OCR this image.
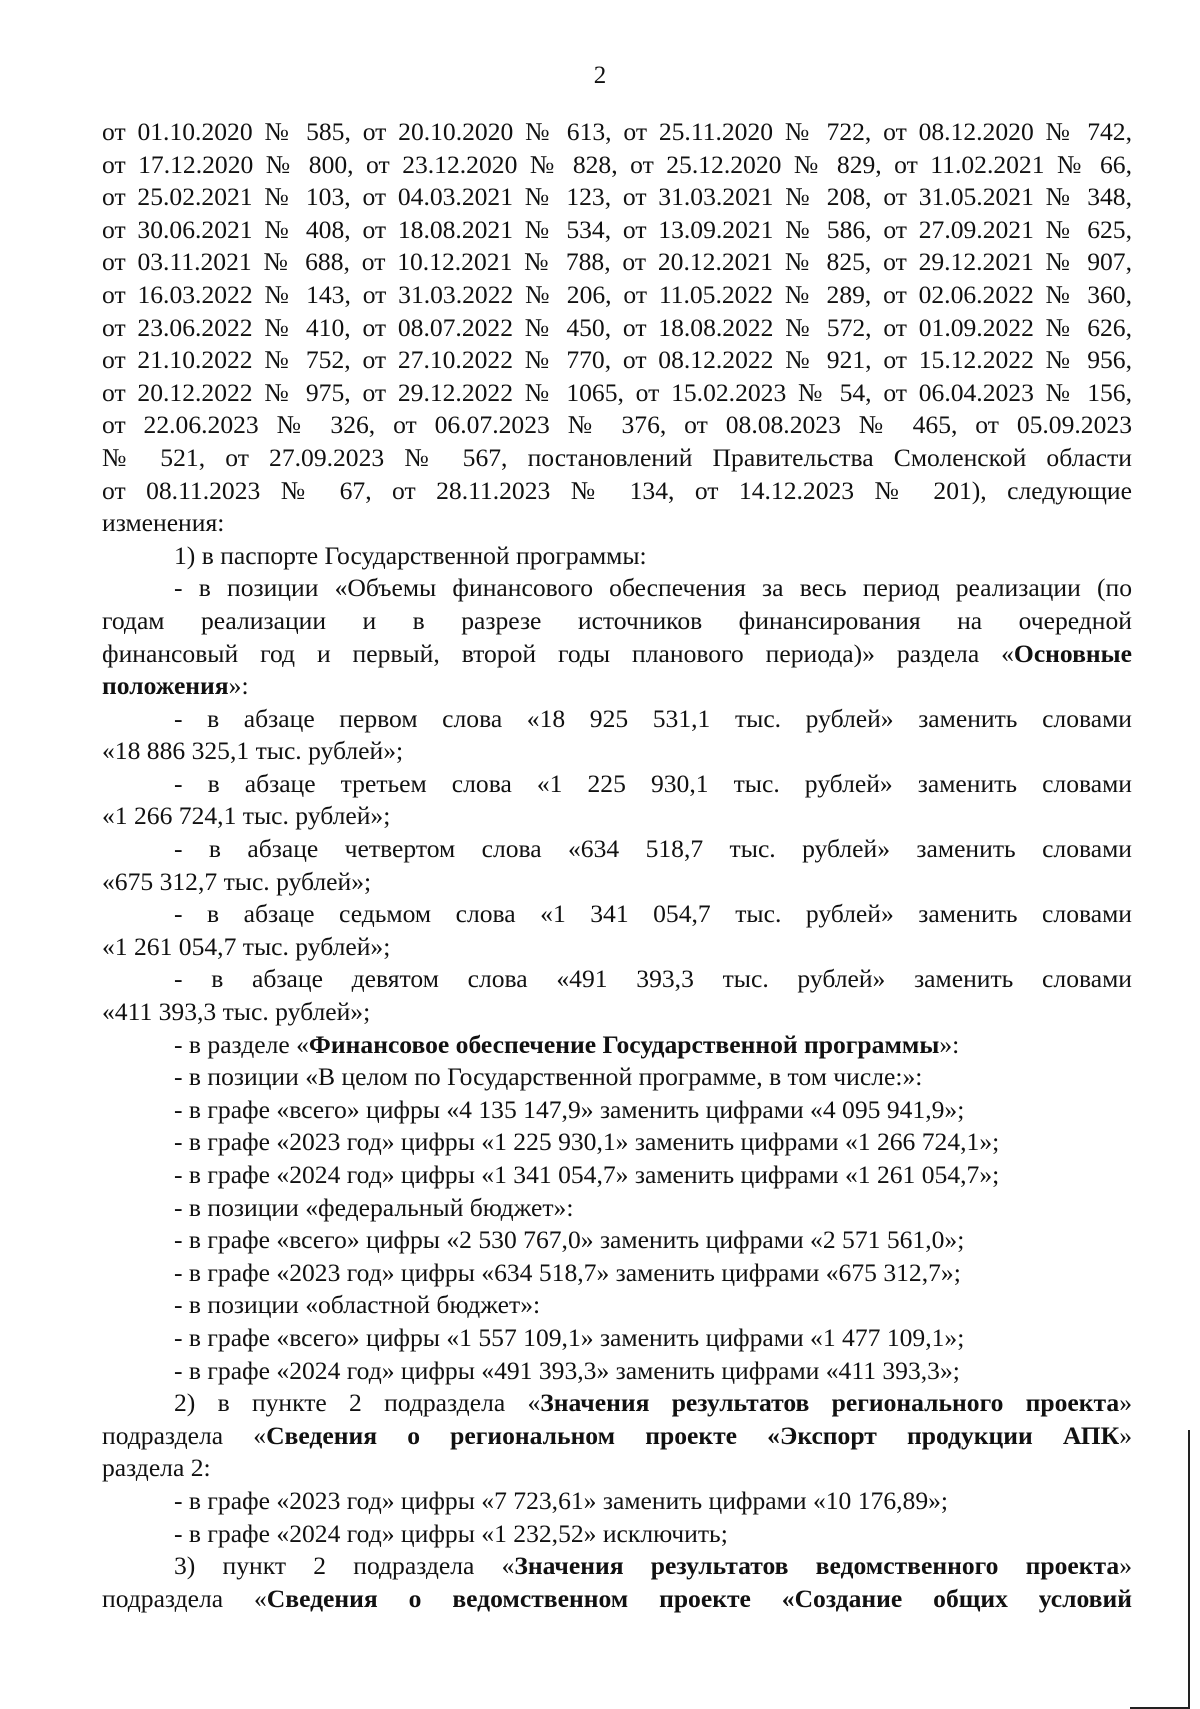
2

от 01.10.2020 № 585, от 20.10.2020 № 613, от 25.11.2020 № 722, от 08.12.2020 № 742,

от 17.12.2020 № 800, от 23.12.2020 № 828, от 25.12.2020 № 829, от 11.02.2021 № 66,

от 25.02.2021 № 103, от 04.03.2021 № 123, от 31.03.2021 № 208, от 31.05.2021 № 348,

от 30.06.2021 № 408, от 18.08.2021 № 534, от 13.09.2021 № 586, от 27.09.2021 № 625,

от 03.11.2021 № 688, от 10.12.2021 № 788, от 20.12.2021 № 825, от 29.12.2021 № 907,

от 16.03.2022 № 143, от 31.03.2022 № 206, от 11.05.2022 № 289, от 02.06.2022 № 360,

от 23.06.2022 № 410, от 08.07.2022 № 450, от 18.08.2022 № 572, от 01.09.2022 № 626,

от 21.10.2022 № 752, от 27.10.2022 № 770, от 08.12.2022 № 921, от 15.12.2022 № 956,

от 20.12.2022 № 975, от 29.12.2022 № 1065, от 15.02.2023 № 54, от 06.04.2023 № 156,

от 22.06.2023 № 326, от 06.07.2023 № 376, от 08.08.2023 № 465, от 05.09.2023

№ 521, от 27.09.2023 № 567, постановлений Правительства Смоленской области

от 08.11.2023 № 67, от 28.11.2023 № 134, от 14.12.2023 № 201), следующие

изменения:

1) в паспорте Государственной программы:

- в позиции «Объемы финансового обеспечения за весь период реализации (по

годам реализации и в разрезе источников финансирования на очередной

финансовый год и первый, второй годы планового периода)» раздела «Основные

положения»:

- в абзаце первом слова «18 925 531,1 тыс. рублей» заменить словами

«18 886 325,1 тыс. рублей»;

- в абзаце третьем слова «1 225 930,1 тыс. рублей» заменить словами

«1 266 724,1 тыс. рублей»;

- в абзаце четвертом слова «634 518,7 тыс. рублей» заменить словами

«675 312,7 тыс. рублей»;

- в абзаце седьмом слова «1 341 054,7 тыс. рублей» заменить словами

«1 261 054,7 тыс. рублей»;

- в абзаце девятом слова «491 393,3 тыс. рублей» заменить словами

«411 393,3 тыс. рублей»;

- в разделе «Финансовое обеспечение Государственной программы»:

- в позиции «В целом по Государственной программе, в том числе:»:

- в графе «всего» цифры «4 135 147,9» заменить цифрами «4 095 941,9»;

- в графе «2023 год» цифры «1 225 930,1» заменить цифрами «1 266 724,1»;

- в графе «2024 год» цифры «1 341 054,7» заменить цифрами «1 261 054,7»;

- в позиции «федеральный бюджет»:

- в графе «всего» цифры «2 530 767,0» заменить цифрами «2 571 561,0»;

- в графе «2023 год» цифры «634 518,7» заменить цифрами «675 312,7»;

- в позиции «областной бюджет»:

- в графе «всего» цифры «1 557 109,1» заменить цифрами «1 477 109,1»;

- в графе «2024 год» цифры «491 393,3» заменить цифрами «411 393,3»;

2) в пункте 2 подраздела «Значения результатов регионального проекта»

подраздела «Сведения о региональном проекте «Экспорт продукции АПК»

раздела 2:

- в графе «2023 год» цифры «7 723,61» заменить цифрами «10 176,89»;

- в графе «2024 год» цифры «1 232,52» исключить;

3) пункт 2 подраздела «Значения результатов ведомственного проекта»

подраздела «Сведения о ведомственном проекте «Создание общих условий
